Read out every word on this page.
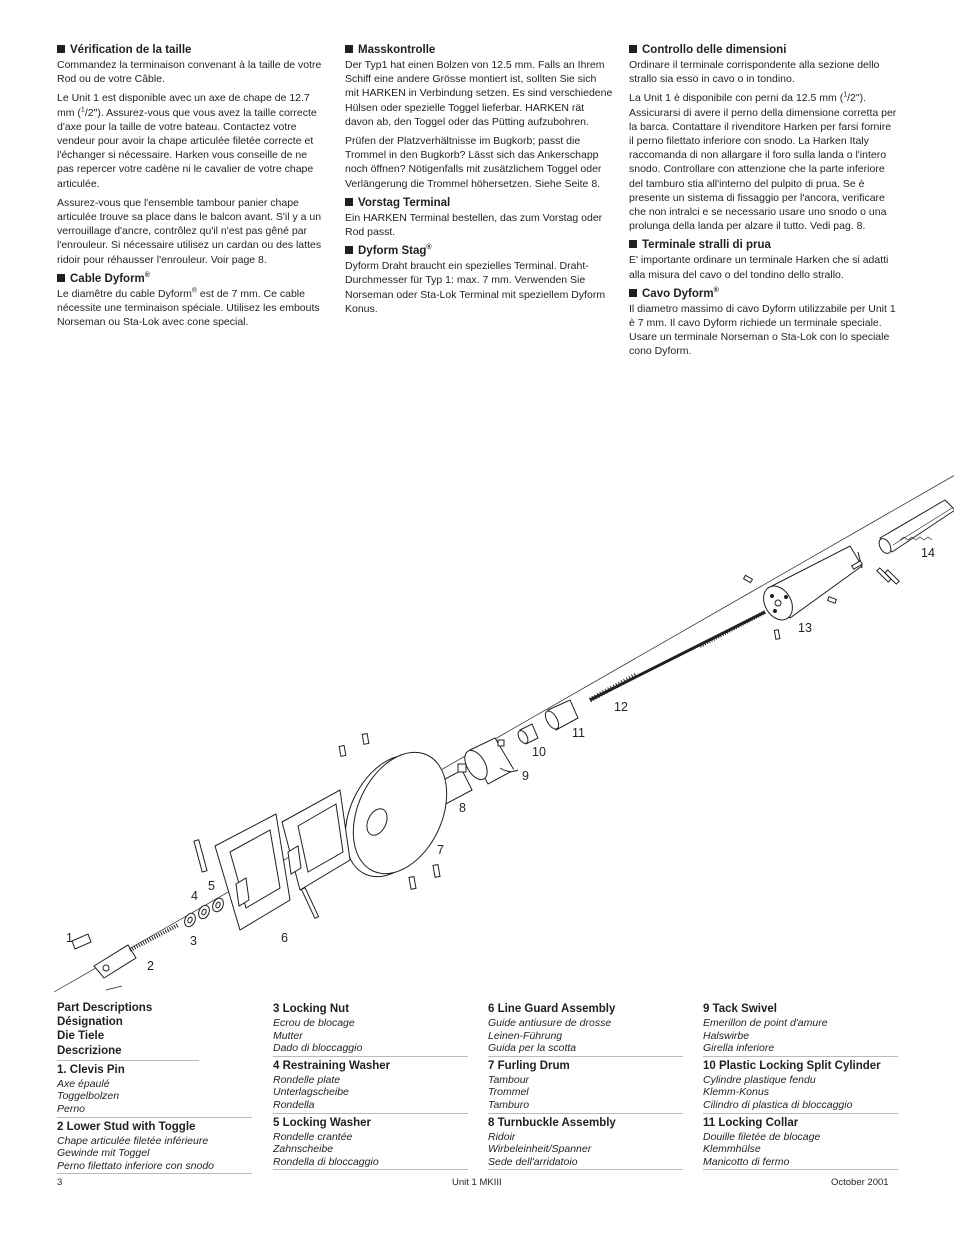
Vérification de la taille

Commandez la terminaison convenant à la taille de votre Rod ou de votre Câble.

Le Unit 1 est disponible avec un axe de chape de 12.7 mm ($^1$/2"). Assurez-vous que vous avez la taille correcte d'axe pour la taille de votre bateau. Contactez votre vendeur pour avoir la chape articulée filetée correcte et l'échanger si nécessaire. Harken vous conseille de ne pas repercer votre cadène ni le cavalier de votre chape articulée.

Assurez-vous que l'ensemble tambour panier chape articulée trouve sa place dans le balcon avant. S'il y a un verrouillage d'ancre, contrôlez qu'il n'est pas gêné par l'enrouleur. Si nécessaire utilisez un cardan ou des lattes ridoir pour réhausser l'enrouleur. Voir page 8.

Cable Dyform®

Le diamêtre du cable Dyform® est de 7 mm. Ce cable nécessite une terminaison spéciale. Utilisez les embouts Norseman ou Sta-Lok avec cone special.

Masskontrolle

Der Typ1 hat einen Bolzen von 12.5 mm. Falls an Ihrem Schiff eine andere Grösse montiert ist, sollten Sie sich mit HARKEN in Verbindung setzen. Es sind verschiedene Hülsen oder spezielle Toggel lieferbar. HARKEN rät davon ab, den Toggel oder das Pütting aufzubohren.

Prüfen der Platzverhältnisse im Bugkorb; passt die Trommel in den Bugkorb? Lässt sich das Ankerschapp noch öffnen? Nötigenfalls mit zusätzlichem Toggel oder Verlängerung die Trommel höhersetzen. Siehe Seite 8.

Vorstag Terminal

Ein HARKEN Terminal bestellen, das zum Vorstag oder Rod passt.

Dyform Stag®

Dyform Draht braucht ein spezielles Terminal. Draht-Durchmesser für Typ 1: max. 7 mm. Verwenden Sie Norseman oder Sta-Lok Terminal mit speziellem Dyform Konus.

Controllo delle dimensioni

Ordinare il terminale corrispondente alla sezione dello strallo sia esso in cavo o in tondino.

La Unit 1 è disponibile con perni da 12.5 mm ($^1$/2"). Assicurarsi di avere il perno della dimensione corretta per la barca. Contattare il rivenditore Harken per farsi fornire il perno filettato inferiore con snodo. La Harken Italy raccomanda di non allargare il foro sulla landa o l'intero snodo. Controllare con attenzione che la parte inferiore del tamburo stia all'interno del pulpito di prua. Se è presente un sistema di fissaggio per l'ancora, verificare che non intralci e se necessario usare uno snodo o una prolunga della landa per alzare il tutto. Vedi pag. 8.

Terminale stralli di prua

E' importante ordinare un terminale Harken che si adatti alla misura del cavo o del tondino dello strallo.

Cavo Dyform®

Il diametro massimo di cavo Dyform utilizzabile per Unit 1 è 7 mm. Il cavo Dyform richiede un terminale speciale. Usare un terminale Norseman o Sta-Lok con lo speciale cono Dyform.

1
2
3
4
5
6
7
8
9
10
11
12
13
14
Part Descriptions
Désignation
Die Tiele
Descrizione
1. Clevis Pin
Axe épaulé
Toggelbolzen
Perno
2 Lower Stud with Toggle
Chape articulée filetée inférieure
Gewinde mit Toggel
Perno filettato inferiore con snodo
3 Locking Nut
Ecrou de blocage
Mutter
Dado di bloccaggio
4 Restraining Washer
Rondelle plate
Unterlagscheibe
Rondella
5 Locking Washer
Rondelle crantée
Zahnscheibe
Rondella di bloccaggio
6 Line Guard Assembly
Guide antiusure de drosse
Leinen-Führung
Guida per la scotta
7 Furling Drum
Tambour
Trommel
Tamburo
8 Turnbuckle Assembly
Ridoir
Wirbeleinheit/Spanner
Sede dell'arridatoio
9 Tack Swivel
Emerillon de point d'amure
Halswirbe
Girella inferiore
10 Plastic Locking Split Cylinder
Cylindre plastique fendu
Klemm-Konus
Cilindro di plastica di bloccaggio
11 Locking Collar
Douille filetée de blocage
Klemmhülse
Manicotto di fermo
3	Unit 1 MKIII	October 2001
